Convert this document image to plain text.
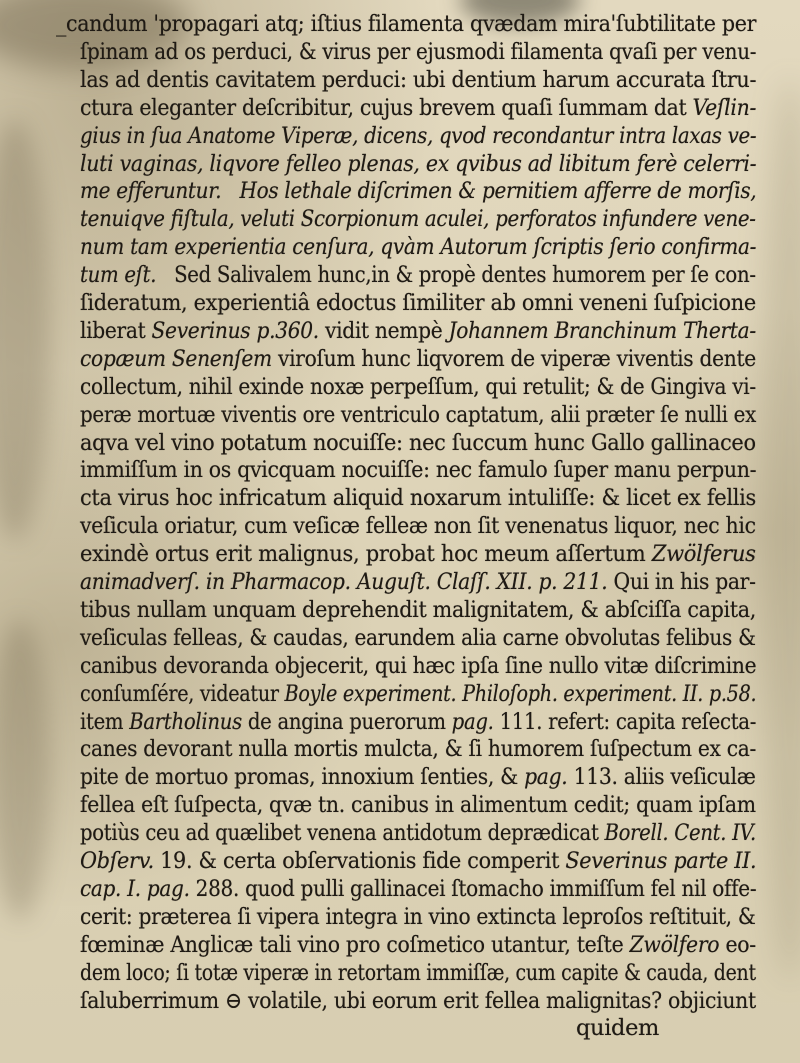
_candum 'propagari atq; iſtius filamenta qvædam mira'ſubtilitate per
ſpinam ad os perduci, & virus per ejusmodi filamenta qvaſi per venu-
las ad dentis cavitatem perduci: ubi dentium harum accurata ſtru-
ctura eleganter deſcribitur, cujus brevem quaſi ſummam dat Veſlin-
gius in ſua Anatome Viperæ, dicens, qvod recondantur intra laxas ve-
luti vaginas, liqvore felleo plenas, ex qvibus ad libitum ferè celerri-
me efferuntur. Hos lethale diſcrimen & pernitiem afferre de morſis,
tenuiqve fiſtula, veluti Scorpionum aculei, perforatos infundere vene-
num tam experientia cenſura, qvàm Autorum ſcriptis ſerio confirma-
tum eſt.   Sed Salivalem hunc,in & propè dentes humorem per ſe con-
ſideratum, experientiâ edoctus ſimiliter ab omni veneni ſuſpicione
liberat Severinus p.360. vidit nempè Johannem Branchinum Therta-
copæum Senenſem viroſum hunc liqvorem de viperæ viventis dente
collectum, nihil exinde noxæ perpeſſum, qui retulit; & de Gingiva vi-
peræ mortuæ viventis ore ventriculo captatum, alii præter ſe nulli ex
aqva vel vino potatum nocuiſſe: nec ſuccum hunc Gallo gallinaceo
immiſſum in os qvicquam nocuiſſe: nec famulo ſuper manu perpun-
cta virus hoc infricatum aliquid noxarum intuliſſe: & licet ex fellis
veſicula oriatur, cum veſicæ felleæ non ſit venenatus liquor, nec hic
exindè ortus erit malignus, probat hoc meum aſſertum Zwölferus
animadverſ. in Pharmacop. Auguſt. Claſſ. XII. p. 211. Qui in his par-
tibus nullam unquam deprehendit malignitatem, & abſciſſa capita,
veſiculas felleas, & caudas, earundem alia carne obvolutas felibus &
canibus devoranda objecerit, qui hæc ipſa ſine nullo vitæ diſcrimine
conſumſére, videatur Boyle experiment. Philoſoph. experiment. II. p.58.
item Bartholinus de angina puerorum pag. 111. refert: capita reſecta-
canes devorant nulla mortis mulcta, & ſi humorem ſuſpectum ex ca-
pite de mortuo promas, innoxium ſenties, & pag. 113. aliis veſiculæ
fellea eſt ſuſpecta, qvæ tn. canibus in alimentum cedit; quam ipſam
potiùs ceu ad quælibet venena antidotum deprædicat Borell. Cent. IV.
Obſerv. 19. & certa obſervationis fide comperit Severinus parte II.
cap. I. pag. 288. quod pulli gallinacei ſtomacho immiſſum fel nil offe-
cerit: præterea ſi vipera integra in vino extincta leproſos reſtituit, &
fœminæ Anglicæ tali vino pro coſmetico utantur, teſte Zwölfero eo-
dem loco; ſi totæ viperæ in retortam immiſſæ, cum capite & cauda, dent
ſaluberrimum ⊖ volatile, ubi eorum erit fellea malignitas? objiciunt
quidem
